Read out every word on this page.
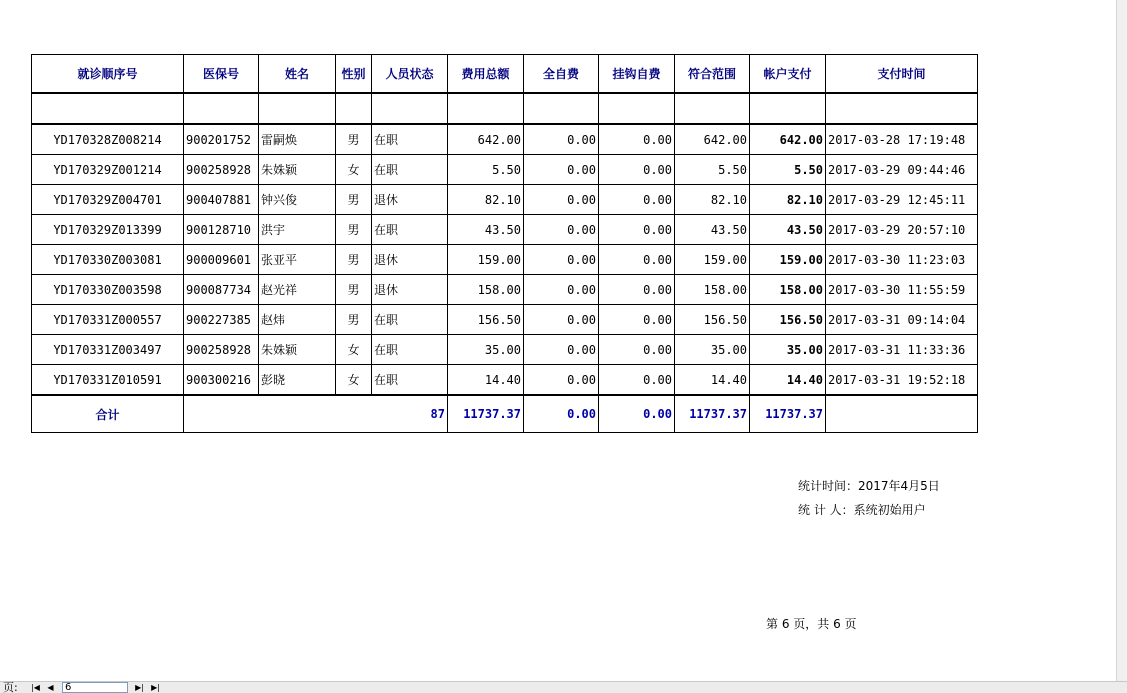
就诊顺序号	医保号	姓名	性别	人员状态	费用总额	全自费	挂钩自费	符合范围	帐户支付	支付时间

YD170328Z008214	900201752	雷嗣焕	男	在职	642.00	0.00	0.00	642.00	642.00	2017-03-28 17:19:48
YD170329Z001214	900258928	朱姝颖	女	在职	5.50	0.00	0.00	5.50	5.50	2017-03-29 09:44:46
YD170329Z004701	900407881	钟兴俊	男	退休	82.10	0.00	0.00	82.10	82.10	2017-03-29 12:45:11
YD170329Z013399	900128710	洪宇	男	在职	43.50	0.00	0.00	43.50	43.50	2017-03-29 20:57:10
YD170330Z003081	900009601	张亚平	男	退休	159.00	0.00	0.00	159.00	159.00	2017-03-30 11:23:03
YD170330Z003598	900087734	赵光祥	男	退休	158.00	0.00	0.00	158.00	158.00	2017-03-30 11:55:59
YD170331Z000557	900227385	赵炜	男	在职	156.50	0.00	0.00	156.50	156.50	2017-03-31 09:14:04
YD170331Z003497	900258928	朱姝颖	女	在职	35.00	0.00	0.00	35.00	35.00	2017-03-31 11:33:36
YD170331Z010591	900300216	彭晓	女	在职	14.40	0.00	0.00	14.40	14.40	2017-03-31 19:52:18
合计	87				11737.37	0.00	0.00	11737.37	11737.37	
统计时间：2017年4月5日
统 计 人：系统初始用户
第 6 页，共 6 页
页: |◀ ◀
6	▶| ▶|
